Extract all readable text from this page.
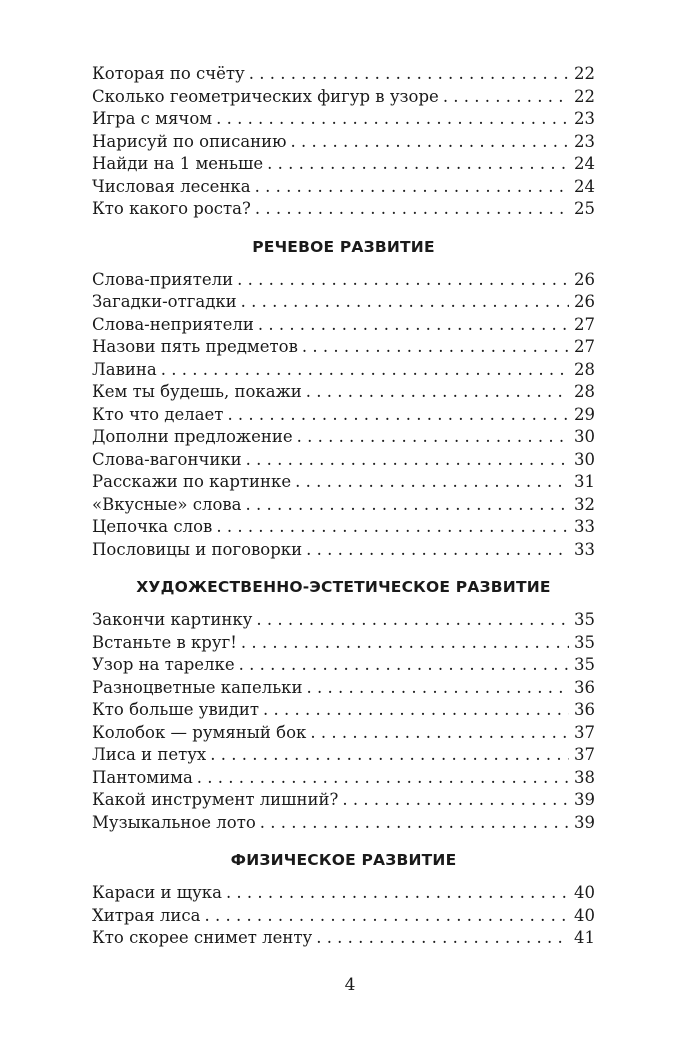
Которая по счёту . . .	22
Сколько геометрических фигур в узоре . . .	22
Игра с мячом . . .	23
Нарисуй по описанию . . .	23
Найди на 1 меньше . . .	24
Числовая лесенка . . .	24
Кто какого роста? . . .	25
РЕЧЕВОЕ РАЗВИТИЕ
Слова-приятели . . .	26
Загадки-отгадки . . .	26
Слова-неприятели . . .	27
Назови пять предметов . . .	27
Лавина . . .	28
Кем ты будешь, покажи . . .	28
Кто что делает . . .	29
Дополни предложение . . .	30
Слова-вагончики . . .	30
Расскажи по картинке . . .	31
«Вкусные» слова . . .	32
Цепочка слов . . .	33
Пословицы и поговорки . . .	33
ХУДОЖЕСТВЕННО-ЭСТЕТИЧЕСКОЕ РАЗВИТИЕ
Закончи картинку . . .	35
Встаньте в круг! . . .	35
Узор на тарелке . . .	35
Разноцветные капельки . . .	36
Кто больше увидит . . .	36
Колобок — румяный бок . . .	37
Лиса и петух . . .	37
Пантомима . . .	38
Какой инструмент лишний? . . .	39
Музыкальное лото . . .	39
ФИЗИЧЕСКОЕ РАЗВИТИЕ
Караси и щука . . .	40
Хитрая лиса . . .	40
Кто скорее снимет ленту . . .	41
4
